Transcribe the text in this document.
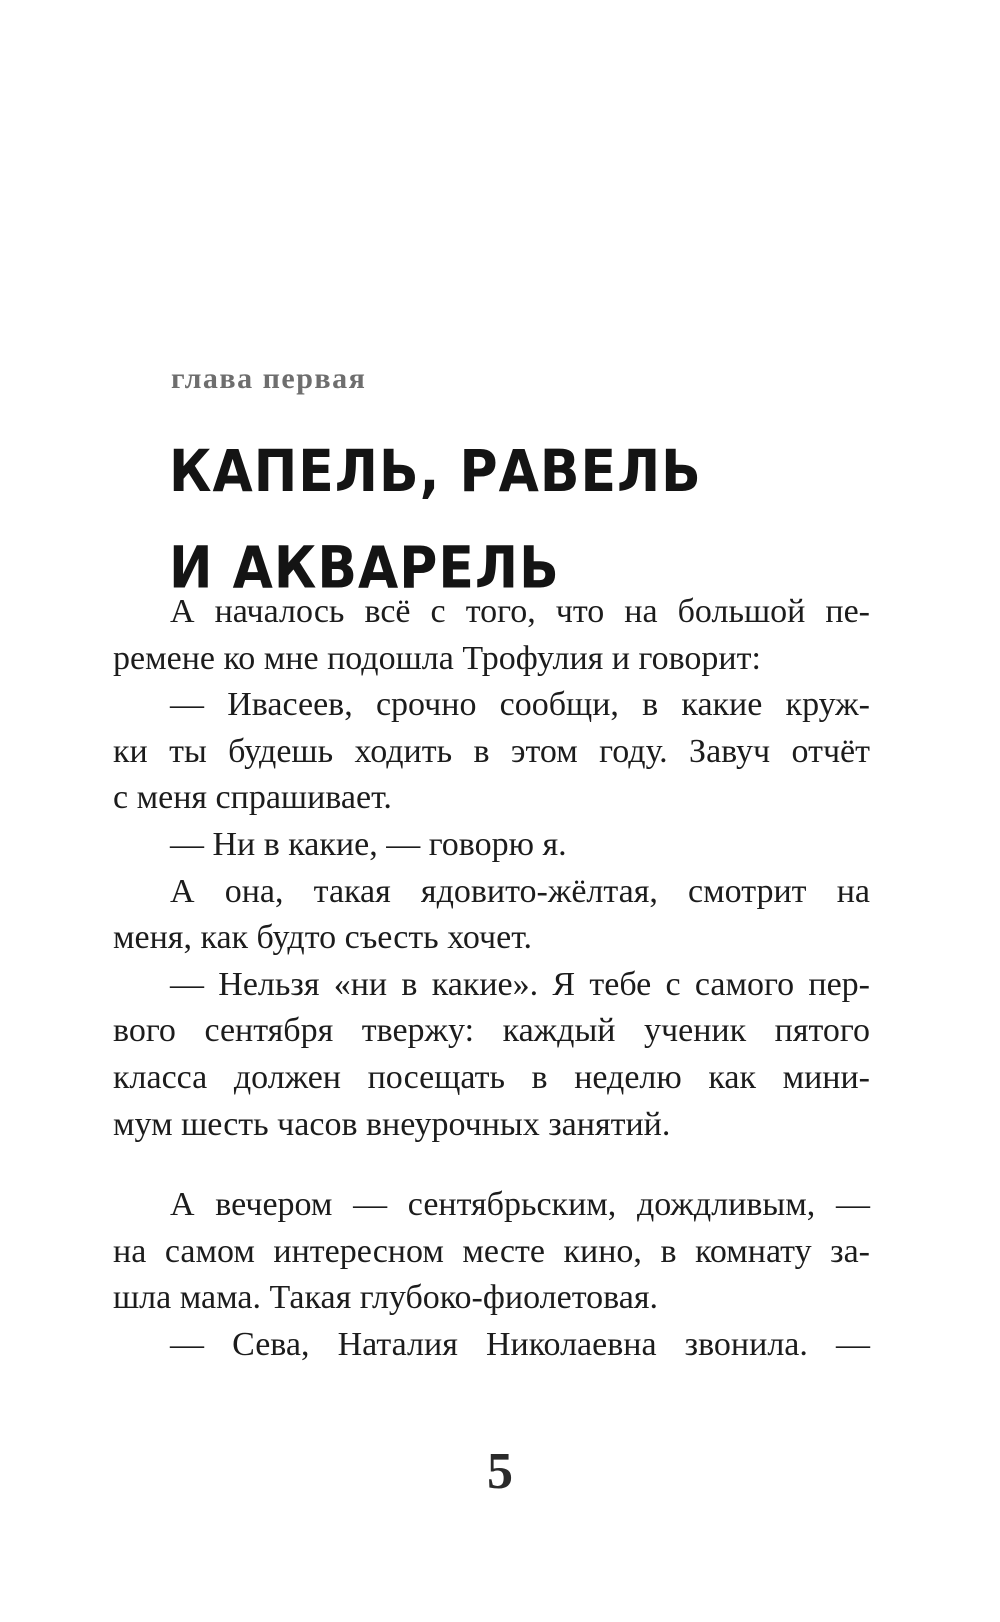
глава первая
КАПЕЛЬ, РАВЕЛЬ
И АКВАРЕЛЬ
А началось всё с того, что на большой пе-
ремене ко мне подошла Трофулия и говорит:
— Ивасеев, срочно сообщи, в какие круж-
ки ты будешь ходить в этом году. Завуч отчёт
с меня спрашивает.
— Ни в какие, — говорю я.
А она, такая ядовито-жёлтая, смотрит на
меня, как будто съесть хочет.
— Нельзя «ни в какие». Я тебе с самого пер-
вого сентября твержу: каждый ученик пятого
класса должен посещать в неделю как мини-
мум шесть часов внеурочных занятий.
А вечером — сентябрьским, дождливым, —
на самом интересном месте кино, в комнату за-
шла мама. Такая глубоко-фиолетовая.
— Сева, Наталия Николаевна звонила. —
5
